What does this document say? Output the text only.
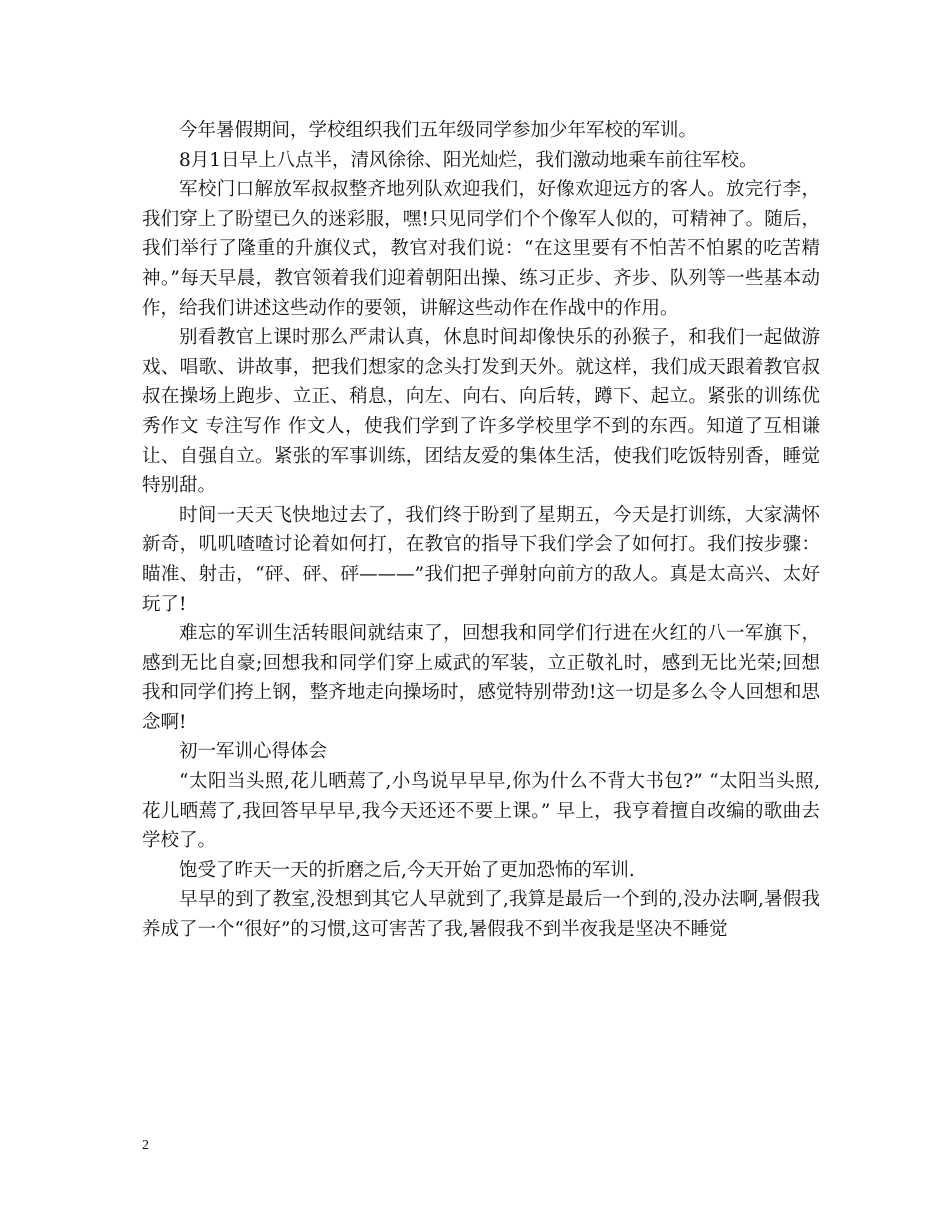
今年暑假期间，学校组织我们五年级同学参加少年军校的军训。

8月1日早上八点半，清风徐徐、阳光灿烂，我们激动地乘车前往军校。

军校门口解放军叔叔整齐地列队欢迎我们，好像欢迎远方的客人。放完行李，我们穿上了盼望已久的迷彩服，嘿!只见同学们个个像军人似的，可精神了。随后，我们举行了隆重的升旗仪式，教官对我们说：“在这里要有不怕苦不怕累的吃苦精神。”每天早晨，教官领着我们迎着朝阳出操、练习正步、齐步、队列等一些基本动作，给我们讲述这些动作的要领，讲解这些动作在作战中的作用。

别看教官上课时那么严肃认真，休息时间却像快乐的孙猴子，和我们一起做游戏、唱歌、讲故事，把我们想家的念头打发到天外。就这样，我们成天跟着教官叔叔在操场上跑步、立正、稍息，向左、向右、向后转，蹲下、起立。紧张的训练优秀作文 专注写作 作文人，使我们学到了许多学校里学不到的东西。知道了互相谦让、自强自立。紧张的军事训练，团结友爱的集体生活，使我们吃饭特别香，睡觉特别甜。

时间一天天飞快地过去了，我们终于盼到了星期五，今天是打训练，大家满怀新奇，叽叽喳喳讨论着如何打，在教官的指导下我们学会了如何打。我们按步骤：瞄准、射击，“砰、砰、砰———”我们把子弹射向前方的敌人。真是太高兴、太好玩了!

难忘的军训生活转眼间就结束了，回想我和同学们行进在火红的八一军旗下，感到无比自豪;回想我和同学们穿上威武的军装，立正敬礼时，感到无比光荣;回想我和同学们挎上钢，整齐地走向操场时，感觉特别带劲!这一切是多么令人回想和思念啊!

初一军训心得体会

“太阳当头照,花儿晒蔫了,小鸟说早早早,你为什么不背大书包?” “太阳当头照,花儿晒蔫了,我回答早早早,我今天还还不要上课。” 早上，我亨着擅自改编的歌曲去学校了。

饱受了昨天一天的折磨之后,今天开始了更加恐怖的军训.

早早的到了教室,没想到其它人早就到了,我算是最后一个到的,没办法啊,暑假我养成了一个“很好”的习惯,这可害苦了我,暑假我不到半夜我是坚决不睡觉

2
